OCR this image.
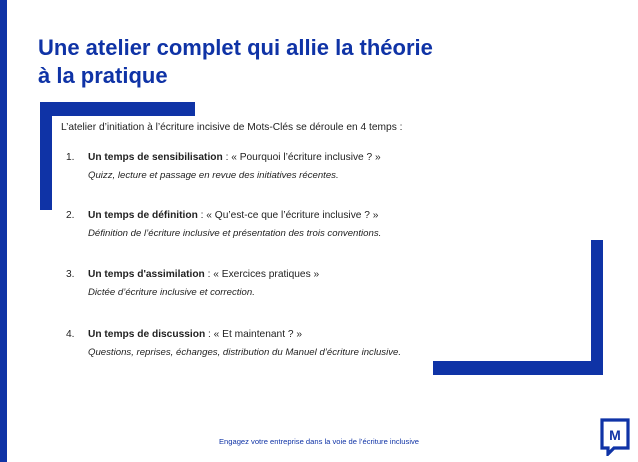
Une atelier complet qui allie la théorie
à la pratique
L’atelier d’initiation à l’écriture incisive de Mots-Clés se déroule en 4 temps :
1. Un temps de sensibilisation : « Pourquoi l’écriture inclusive ? »
Quizz, lecture et passage en revue des initiatives récentes.
2. Un temps de définition : « Qu’est-ce que l’écriture inclusive ? »
Définition de l’écriture inclusive et présentation des trois conventions.
3. Un temps d'assimilation : « Exercices pratiques »
Dictée d’écriture inclusive et correction.
4. Un temps de discussion : « Et maintenant ? »
Questions, reprises, échanges, distribution du Manuel d’écriture inclusive.
Engagez votre entreprise dans la voie de l’écriture inclusive	M
